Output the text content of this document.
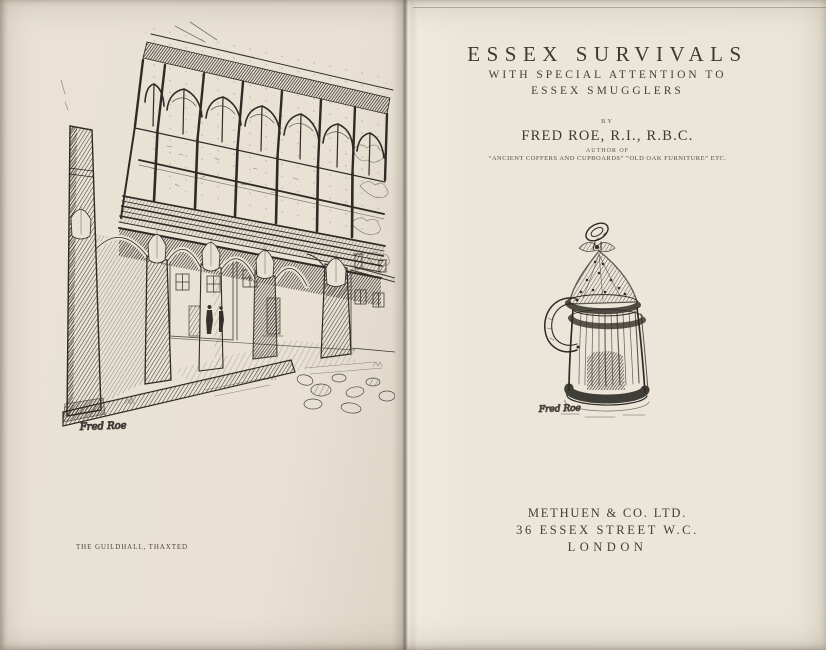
Fred Roe
THE GUILDHALL, THAXTED
ESSEX SURVIVALS
WITH SPECIAL ATTENTION TO
ESSEX SMUGGLERS
BY
FRED ROE, R.I., R.B.C.
AUTHOR OF
“ANCIENT COFFERS AND CUPBOARDS” “OLD OAK FURNITURE” ETC.
Fred Roe
METHUEN & CO. LTD.
36 ESSEX STREET W.C.
LONDON
